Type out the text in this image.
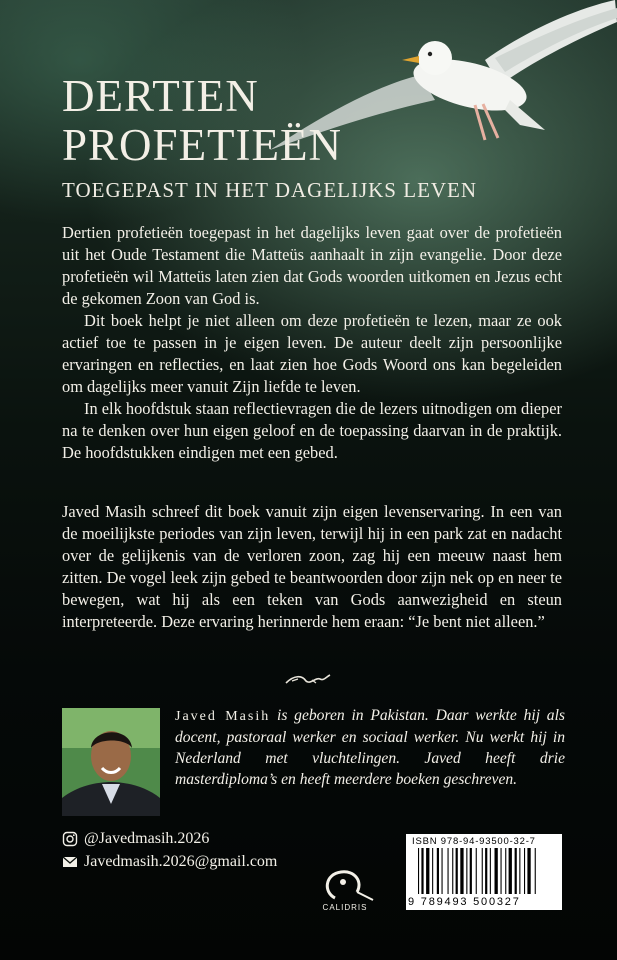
DERTIEN
PROFETIEËN
TOEGEPAST IN HET DAGELIJKS LEVEN

Dertien profetieën toegepast in het dagelijks leven gaat over de profetieën uit het Oude Testament die Matteüs aanhaalt in zijn evangelie. Door deze profetieën wil Matteüs laten zien dat Gods woorden uitkomen en Jezus echt de gekomen Zoon van God is.

Dit boek helpt je niet alleen om deze profetieën te lezen, maar ze ook actief toe te passen in je eigen leven. De auteur deelt zijn persoonlijke ervaringen en reflecties, en laat zien hoe Gods Woord ons kan begeleiden om dagelijks meer vanuit Zijn liefde te leven.

In elk hoofdstuk staan reflectievragen die de lezers uitnodigen om dieper na te denken over hun eigen geloof en de toepassing daarvan in de praktijk. De hoofdstukken eindigen met een gebed.

Javed Masih schreef dit boek vanuit zijn eigen levenservaring. In een van de moeilijkste periodes van zijn leven, terwijl hij in een park zat en nadacht over de gelijkenis van de verloren zoon, zag hij een meeuw naast hem zitten. De vogel leek zijn gebed te beantwoorden door zijn nek op en neer te bewegen, wat hij als een teken van Gods aanwezigheid en steun interpreteerde. Deze ervaring herinnerde hem eraan: “Je bent niet alleen.”

Javed Masih is geboren in Pakistan. Daar werkte hij als docent, pastoraal werker en sociaal werker. Nu werkt hij in Nederland met vluchtelingen. Javed heeft drie masterdiploma’s en heeft meerdere boeken geschreven.
@Javedmasih.2026
Javedmasih.2026@gmail.com
CALIDRIS
ISBN 978-94-93500-32-7
9 789493 500327
